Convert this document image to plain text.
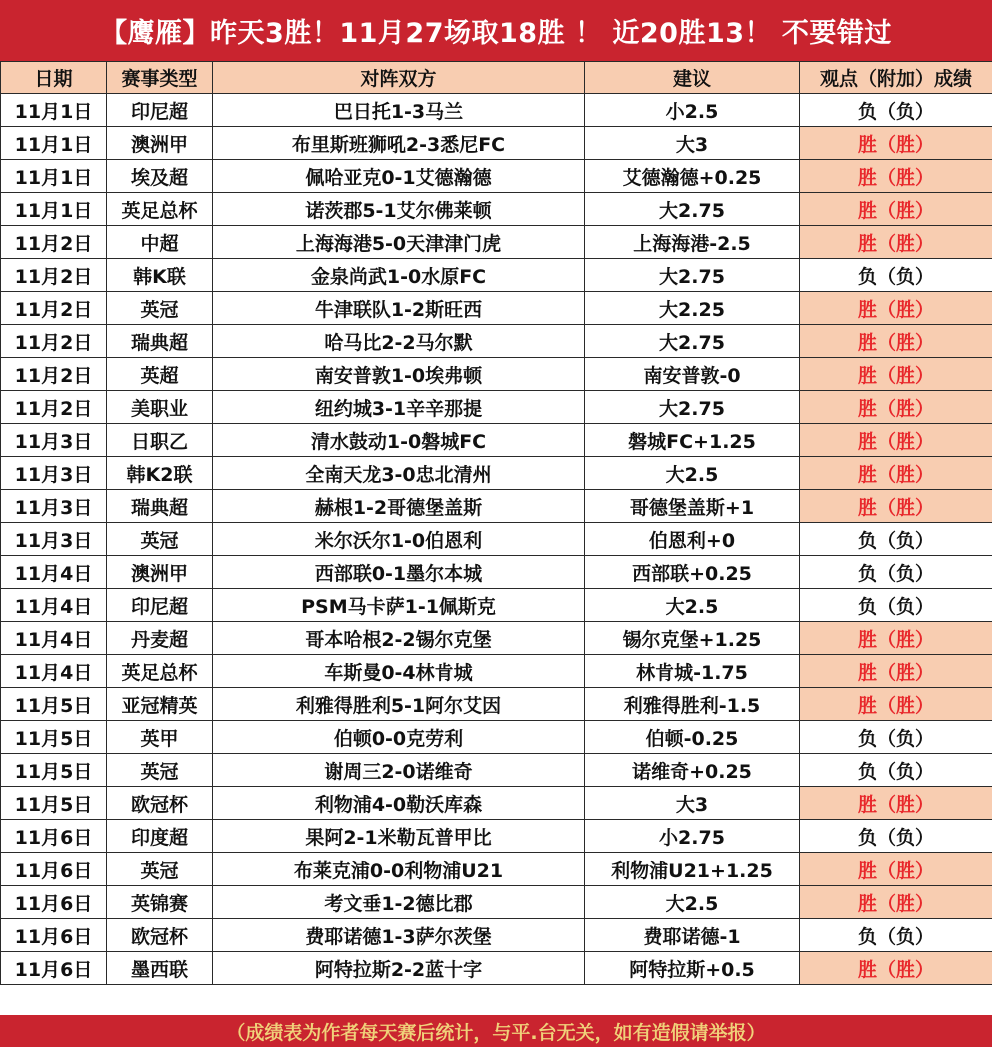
【鹰雁】昨天3胜！11月27场取18胜 ！ 近20胜13！ 不要错过
日期	赛事类型	对阵双方	建议	观点（附加）成绩
11月1日	印尼超	巴日托1-3马兰	小2.5	负（负）
11月1日	澳洲甲	布里斯班狮吼2-3悉尼FC	大3	胜（胜）
11月1日	埃及超	佩哈亚克0-1艾德瀚德	艾德瀚德+0.25	胜（胜）
11月1日	英足总杯	诺茨郡5-1艾尔佛莱顿	大2.75	胜（胜）
11月2日	中超	上海海港5-0天津津门虎	上海海港-2.5	胜（胜）
11月2日	韩K联	金泉尚武1-0水原FC	大2.75	负（负）
11月2日	英冠	牛津联队1-2斯旺西	大2.25	胜（胜）
11月2日	瑞典超	哈马比2-2马尔默	大2.75	胜（胜）
11月2日	英超	南安普敦1-0埃弗顿	南安普敦-0	胜（胜）
11月2日	美职业	纽约城3-1辛辛那提	大2.75	胜（胜）
11月3日	日职乙	清水鼓动1-0磐城FC	磐城FC+1.25	胜（胜）
11月3日	韩K2联	全南天龙3-0忠北清州	大2.5	胜（胜）
11月3日	瑞典超	赫根1-2哥德堡盖斯	哥德堡盖斯+1	胜（胜）
11月3日	英冠	米尔沃尔1-0伯恩利	伯恩利+0	负（负）
11月4日	澳洲甲	西部联0-1墨尔本城	西部联+0.25	负（负）
11月4日	印尼超	PSM马卡萨1-1佩斯克	大2.5	负（负）
11月4日	丹麦超	哥本哈根2-2锡尔克堡	锡尔克堡+1.25	胜（胜）
11月4日	英足总杯	车斯曼0-4林肯城	林肯城-1.75	胜（胜）
11月5日	亚冠精英	利雅得胜利5-1阿尔艾因	利雅得胜利-1.5	胜（胜）
11月5日	英甲	伯顿0-0克劳利	伯顿-0.25	负（负）
11月5日	英冠	谢周三2-0诺维奇	诺维奇+0.25	负（负）
11月5日	欧冠杯	利物浦4-0勒沃库森	大3	胜（胜）
11月6日	印度超	果阿2-1米勒瓦普甲比	小2.75	负（负）
11月6日	英冠	布莱克浦0-0利物浦U21	利物浦U21+1.25	胜（胜）
11月6日	英锦赛	考文垂1-2德比郡	大2.5	胜（胜）
11月6日	欧冠杯	费耶诺德1-3萨尔茨堡	费耶诺德-1	负（负）
11月6日	墨西联	阿特拉斯2-2蓝十字	阿特拉斯+0.5	胜（胜）
（成绩表为作者每天赛后统计，与平.台无关，如有造假请举报）
